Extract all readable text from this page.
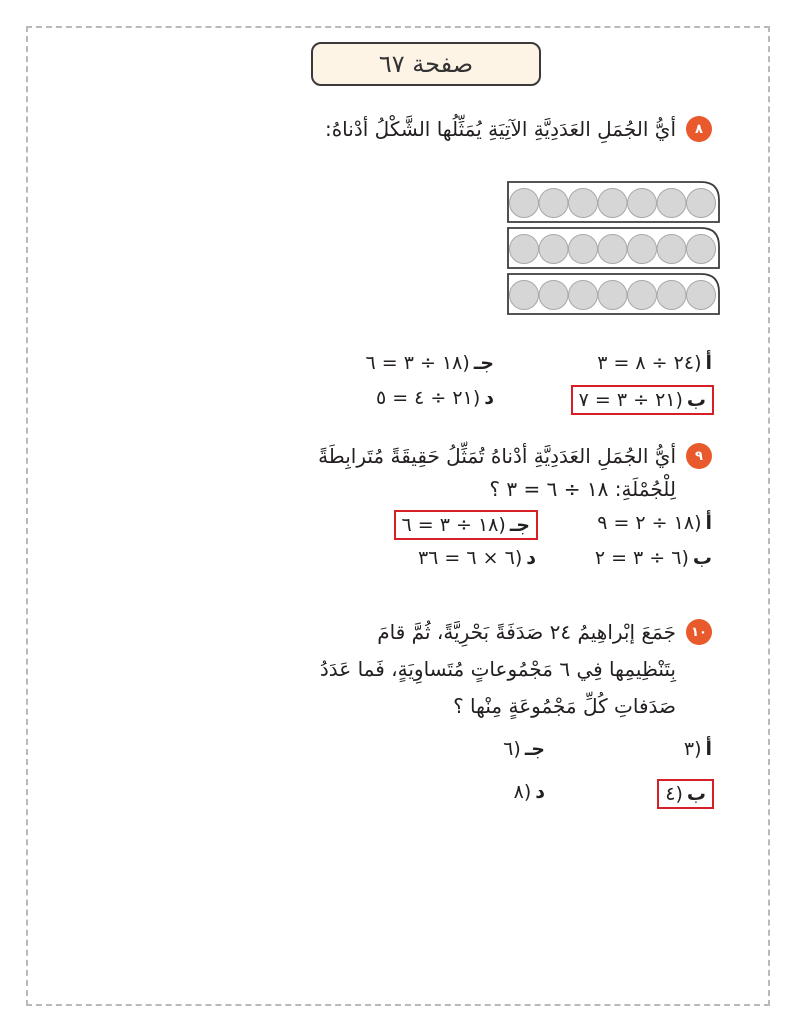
صفحة ٦٧
٨
أيُّ الجُمَلِ العَدَدِيَّةِ الآتِيَةِ يُمَثِّلُها الشَّكْلُ أدْناهُ:
أ
(
٢٤ ÷ ٨ = ٣
جـ
(
١٨ ÷ ٣ = ٦
ب
(
٢١ ÷ ٣ = ٧
د
(
٢١ ÷ ٤ = ٥
٩
أيُّ الجُمَلِ العَدَدِيَّةِ أدْناهُ تُمَثِّلُ حَقِيقَةً مُتَرابِطَةً
لِلْجُمْلَةِ: ١٨ ÷ ٦ = ٣ ؟
أ
(
١٨ ÷ ٢ = ٩
جـ
(
١٨ ÷ ٣ = ٦
ب
(
٦ ÷ ٣ = ٢
د
(
٦ × ٦ = ٣٦
١٠
جَمَعَ إبْراهِيمُ ٢٤ صَدَفَةً بَحْرِيَّةً، ثُمَّ قامَ
بِتَنْظِيمِها فِي ٦ مَجْمُوعاتٍ مُتَساوِيَةٍ، فَما عَدَدُ
صَدَفاتِ كُلِّ مَجْمُوعَةٍ مِنْها ؟
أ
(
٣
جـ
(
٦
ب
(
٤
د
(
٨
